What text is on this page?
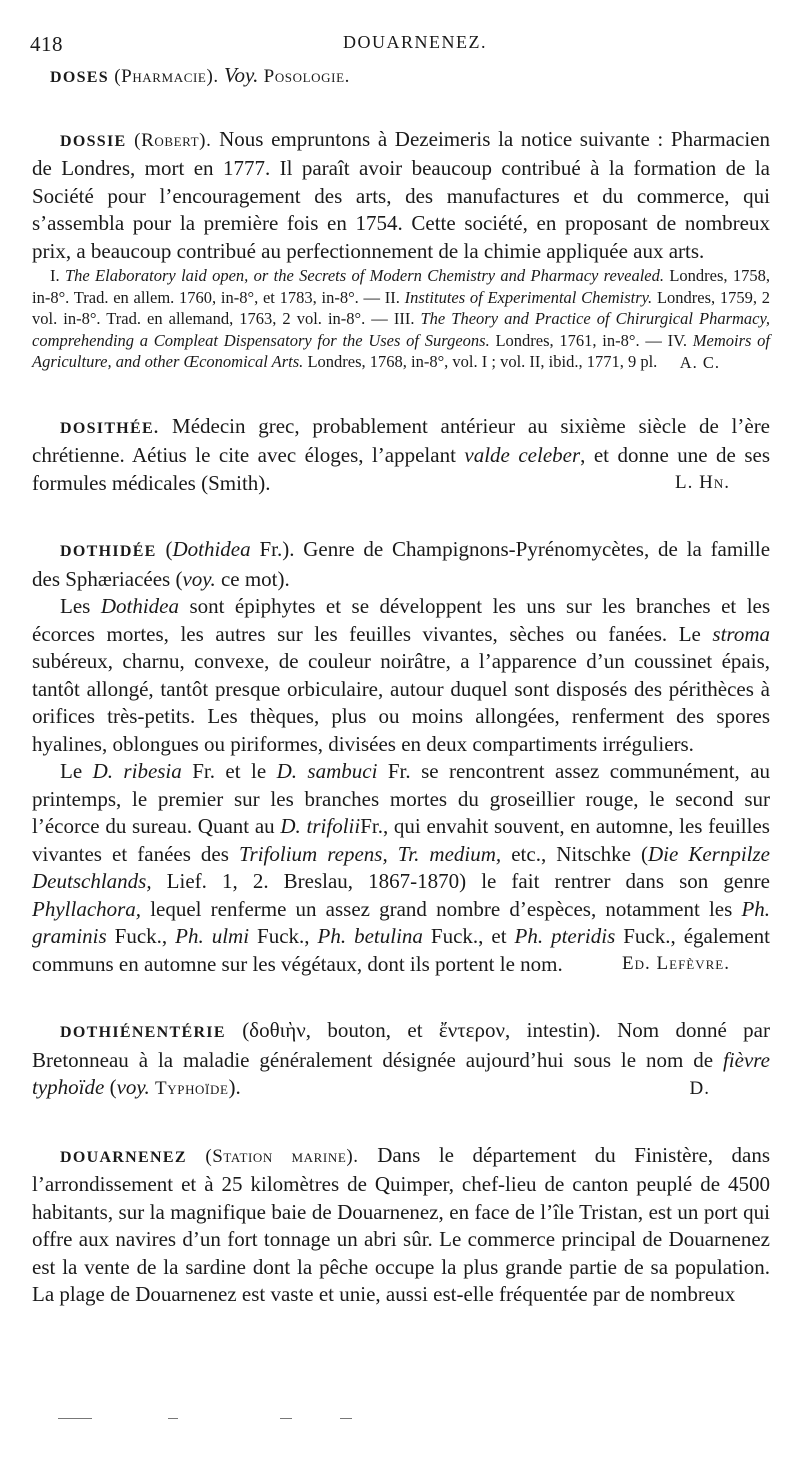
418	DOUARNENEZ.

DOSES (Pharmacie). Voy. Posologie.

DOSSIE (Robert). Nous empruntons à Dezeimeris la notice suivante : Pharmacien de Londres, mort en 1777. Il paraît avoir beaucoup contribué à la formation de la Société pour l’encouragement des arts, des manufactures et du commerce, qui s’assembla pour la première fois en 1754. Cette société, en proposant de nombreux prix, a beaucoup contribué au perfectionnement de la chimie appliquée aux arts.

I. The Elaboratory laid open, or the Secrets of Modern Chemistry and Pharmacy revealed. Londres, 1758, in-8°. Trad. en allem. 1760, in-8°, et 1783, in-8°. — II. Institutes of Experimental Chemistry. Londres, 1759, 2 vol. in-8°. Trad. en allemand, 1763, 2 vol. in-8°. — III. The Theory and Practice of Chirurgical Pharmacy, comprehending a Compleat Dispensatory for the Uses of Surgeons. Londres, 1761, in-8°. — IV. Memoirs of Agriculture, and other Œconomical Arts. Londres, 1768, in-8°, vol. I ; vol. II, ibid., 1771, 9 pl.	A. C.

DOSITHÉE. Médecin grec, probablement antérieur au sixième siècle de l’ère chrétienne. Aétius le cite avec éloges, l’appelant valde celeber, et donne une de ses formules médicales (Smith).	L. Hn.

DOTHIDÉE (Dothidea Fr.). Genre de Champignons-Pyrénomycètes, de la famille des Sphæriacées (voy. ce mot).

Les Dothidea sont épiphytes et se développent les uns sur les branches et les écorces mortes, les autres sur les feuilles vivantes, sèches ou fanées. Le stroma subéreux, charnu, convexe, de couleur noirâtre, a l’apparence d’un coussinet épais, tantôt allongé, tantôt presque orbiculaire, autour duquel sont disposés des périthèces à orifices très-petits. Les thèques, plus ou moins allongées, renferment des spores hyalines, oblongues ou piriformes, divisées en deux compartiments irréguliers.

Le D. ribesia Fr. et le D. sambuci Fr. se rencontrent assez communément, au printemps, le premier sur les branches mortes du groseillier rouge, le second sur l’écorce du sureau. Quant au D. trifoliiFr., qui envahit souvent, en automne, les feuilles vivantes et fanées des Trifolium repens, Tr. medium, etc., Nitschke (Die Kernpilze Deutschlands, Lief. 1, 2. Breslau, 1867-1870) le fait rentrer dans son genre Phyllachora, lequel renferme un assez grand nombre d’espèces, notamment les Ph. graminis Fuck., Ph. ulmi Fuck., Ph. betulina Fuck., et Ph. pteridis Fuck., également communs en automne sur les végétaux, dont ils portent le nom.	Ed. Lefèvre.

DOTHIÉNENTÉRIE (δοθιὴν, bouton, et ἔντερον, intestin). Nom donné par Bretonneau à la maladie généralement désignée aujourd’hui sous le nom de fièvre typhoïde (voy. Typhoïde).	D.

DOUARNENEZ (Station marine). Dans le département du Finistère, dans l’arrondissement et à 25 kilomètres de Quimper, chef-lieu de canton peuplé de 4500 habitants, sur la magnifique baie de Douarnenez, en face de l’île Tristan, est un port qui offre aux navires d’un fort tonnage un abri sûr. Le commerce principal de Douarnenez est la vente de la sardine dont la pêche occupe la plus grande partie de sa population. La plage de Douarnenez est vaste et unie, aussi est-elle fréquentée par de nombreux
